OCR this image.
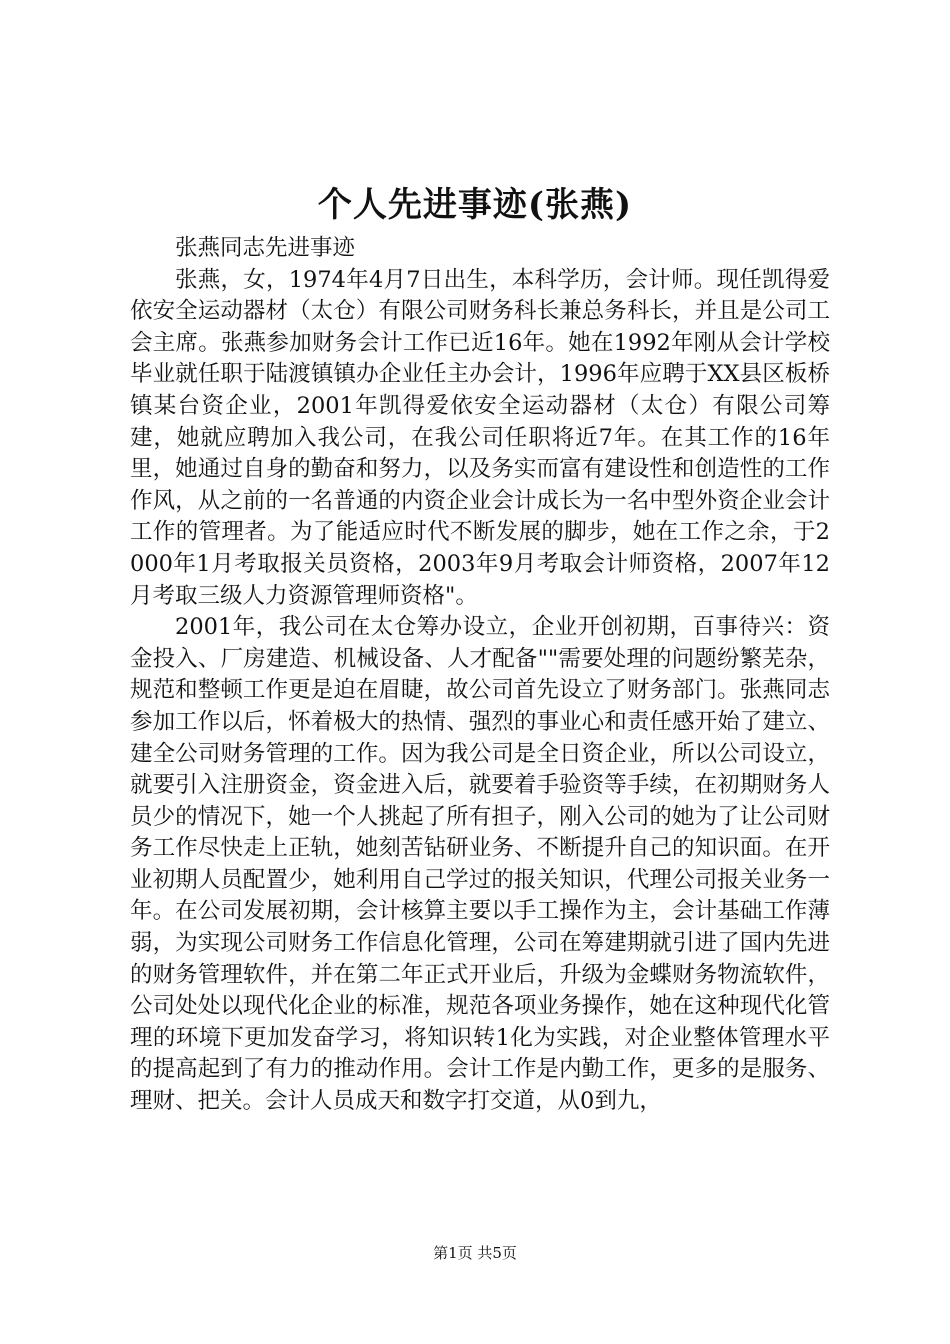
个人先进事迹(张燕)

张燕同志先进事迹

张燕，女，1974年4月7日出生，本科学历，会计师。现任凯得爱依安全运动器材（太仓）有限公司财务科长兼总务科长，并且是公司工会主席。张燕参加财务会计工作已近16年。她在1992年刚从会计学校毕业就任职于陆渡镇镇办企业任主办会计，1996年应聘于XX县区板桥镇某台资企业，2001年凯得爱依安全运动器材（太仓）有限公司筹建，她就应聘加入我公司，在我公司任职将近7年。在其工作的16年里，她通过自身的勤奋和努力，以及务实而富有建设性和创造性的工作作风，从之前的一名普通的内资企业会计成长为一名中型外资企业会计工作的管理者。为了能适应时代不断发展的脚步，她在工作之余，于2000年1月考取报关员资格，2003年9月考取会计师资格，2007年12月考取三级人力资源管理师资格"。

2001年，我公司在太仓筹办设立，企业开创初期，百事待兴：资金投入、厂房建造、机械设备、人才配备""需要处理的问题纷繁芜杂，规范和整顿工作更是迫在眉睫，故公司首先设立了财务部门。张燕同志参加工作以后，怀着极大的热情、强烈的事业心和责任感开始了建立、建全公司财务管理的工作。因为我公司是全日资企业，所以公司设立，就要引入注册资金，资金进入后，就要着手验资等手续，在初期财务人员少的情况下，她一个人挑起了所有担子，刚入公司的她为了让公司财务工作尽快走上正轨，她刻苦钻研业务、不断提升自己的知识面。在开业初期人员配置少，她利用自己学过的报关知识，代理公司报关业务一年。在公司发展初期，会计核算主要以手工操作为主，会计基础工作薄弱，为实现公司财务工作信息化管理，公司在筹建期就引进了国内先进的财务管理软件，并在第二年正式开业后，升级为金蝶财务物流软件，公司处处以现代化企业的标准，规范各项业务操作，她在这种现代化管理的环境下更加发奋学习，将知识转1化为实践，对企业整体管理水平的提高起到了有力的推动作用。会计工作是内勤工作，更多的是服务、理财、把关。会计人员成天和数字打交道，从0到九，

第1页 共5页
